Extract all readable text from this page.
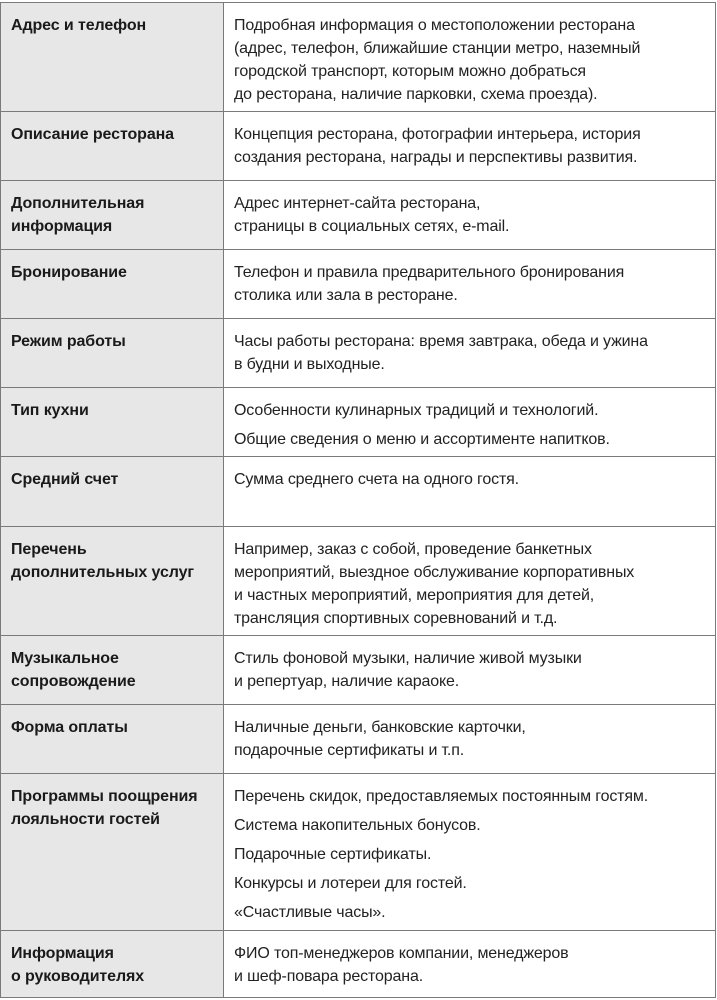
Адрес и телефон	Подробная информация о местоположении ресторана
(адрес, телефон, ближайшие станции метро, наземный
городской транспорт, которым можно добраться
до ресторана, наличие парковки, схема проезда).

Описание ресторана	Концепция ресторана, фотографии интерьера, история
создания ресторана, награды и перспективы развития.

Дополнительная
информация	Адрес интернет-сайта ресторана,
страницы в социальных сетях, e-mail.

Бронирование	Телефон и правила предварительного бронирования
столика или зала в ресторане.

Режим работы	Часы работы ресторана: время завтрака, обеда и ужина
в будни и выходные.

Тип кухни	Особенности кулинарных традиций и технологий.
Общие сведения о меню и ассортименте напитков.

Средний счет	Сумма среднего счета на одного гостя.

Перечень
дополнительных услуг	Например, заказ с собой, проведение банкетных
мероприятий, выездное обслуживание корпоративных
и частных мероприятий, мероприятия для детей,
трансляция спортивных соревнований и т.д.

Музыкальное
сопровождение	Стиль фоновой музыки, наличие живой музыки
и репертуар, наличие караоке.

Форма оплаты	Наличные деньги, банковские карточки,
подарочные сертификаты и т.п.

Программы поощрения
лояльности гостей	Перечень скидок, предоставляемых постоянным гостям.
Система накопительных бонусов.
Подарочные сертификаты.
Конкурсы и лотереи для гостей.
«Счастливые часы».

Информация
о руководителях	ФИО топ-менеджеров компании, менеджеров
и шеф-повара ресторана.
